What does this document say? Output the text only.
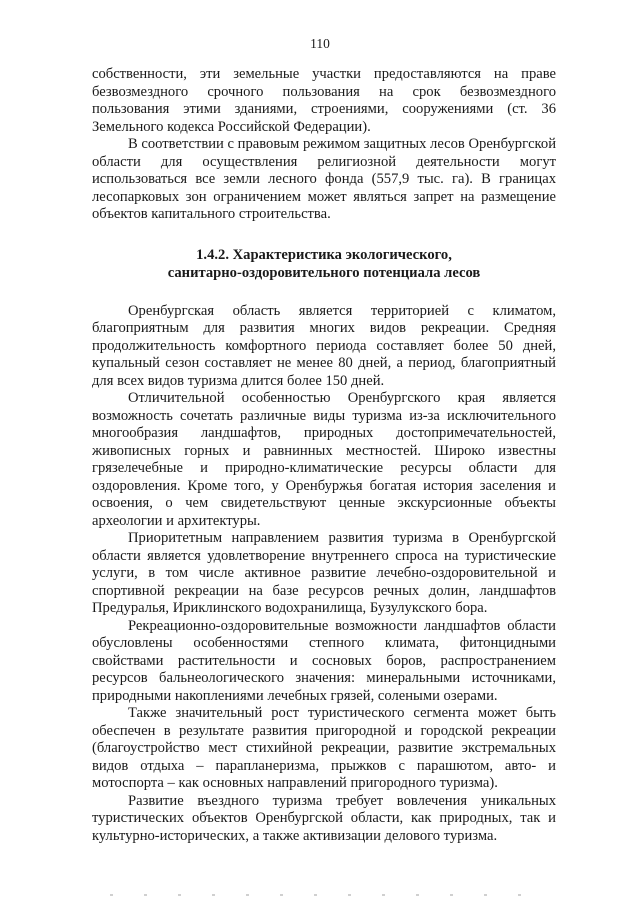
110

собственности, эти земельные участки предоставляются на праве безвозмездного срочного пользования на срок безвозмездного пользования этими зданиями, строениями, сооружениями (ст. 36 Земельного кодекса Российской Федерации).

В соответствии с правовым режимом защитных лесов Оренбургской области для осуществления религиозной деятельности могут использоваться все земли лесного фонда (557,9 тыс. га). В границах лесопарковых зон ограничением может являться запрет на размещение объектов капитального строительства.

1.4.2. Характеристика экологического,
санитарно-оздоровительного потенциала лесов

Оренбургская область является территорией с климатом, благоприятным для развития многих видов рекреации. Средняя продолжительность комфортного периода составляет более 50 дней, купальный сезон составляет не менее 80 дней, а период, благоприятный для всех видов туризма длится более 150 дней.

Отличительной особенностью Оренбургского края является возможность сочетать различные виды туризма из-за исключительного многообразия ландшафтов, природных достопримечательностей, живописных горных и равнинных местностей. Широко известны грязелечебные и природно-климатические ресурсы области для оздоровления. Кроме того, у Оренбуржья богатая история заселения и освоения, о чем свидетельствуют ценные экскурсионные объекты археологии и архитектуры.

Приоритетным направлением развития туризма в Оренбургской области является удовлетворение внутреннего спроса на туристические услуги, в том числе активное развитие лечебно-оздоровительной и спортивной рекреации на базе ресурсов речных долин, ландшафтов Предуралья, Ириклинского водохранилища, Бузулукского бора.

Рекреационно-оздоровительные возможности ландшафтов области обусловлены особенностями степного климата, фитонцидными свойствами растительности и сосновых боров, распространением ресурсов бальнеологического значения: минеральными источниками, природными накоплениями лечебных грязей, солеными озерами.

Также значительный рост туристического сегмента может быть обеспечен в результате развития пригородной и городской рекреации (благоустройство мест стихийной рекреации, развитие экстремальных видов отдыха – парапланеризма, прыжков с парашютом, авто- и мотоспорта – как основных направлений пригородного туризма).

Развитие въездного туризма требует вовлечения уникальных туристических объектов Оренбургской области, как природных, так и культурно-исторических, а также активизации делового туризма.
